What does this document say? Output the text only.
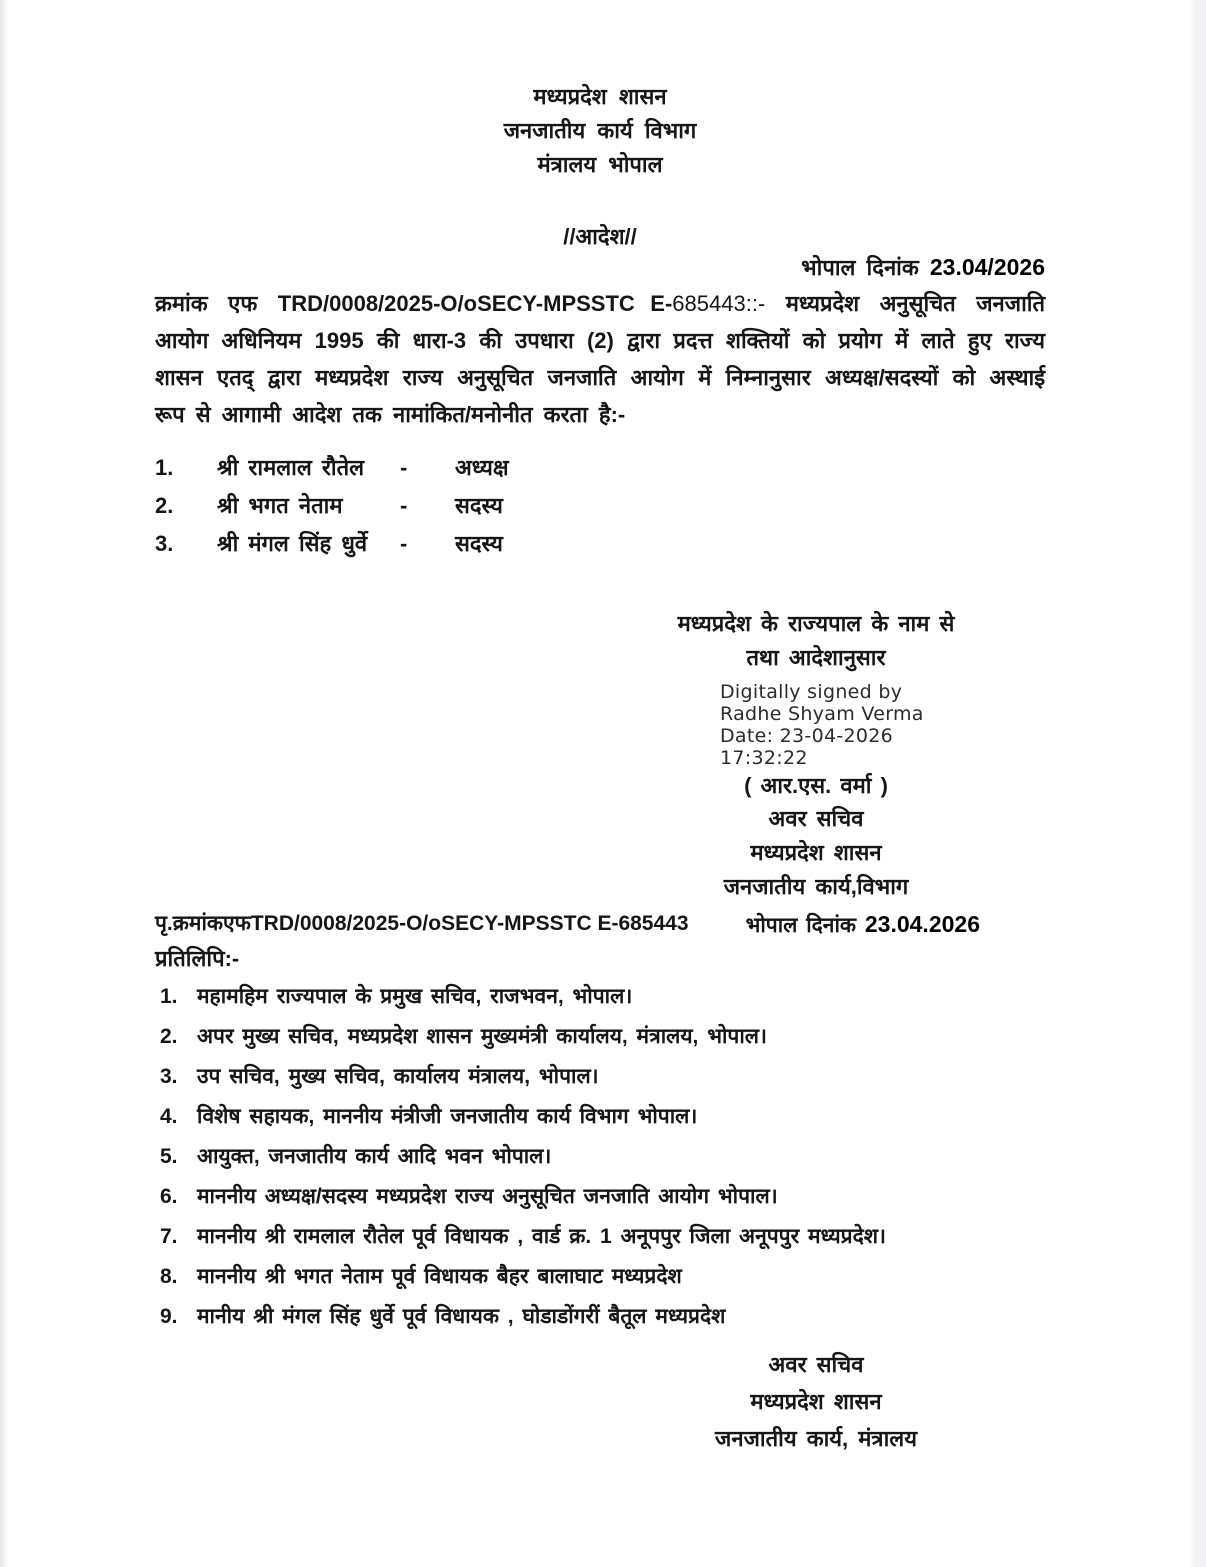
मध्यप्रदेश शासन
जनजातीय कार्य विभाग
मंत्रालय भोपाल
//आदेश//
भोपाल दिनांक 23.04/2026
क्रमांक एफ TRD/0008/2025-O/oSECY-MPSSTC E-685443::- मध्यप्रदेश अनुसूचित जनजाति आयोग अधिनियम 1995 की धारा-3 की उपधारा (2) द्वारा प्रदत्त शक्तियों को प्रयोग में लाते हुए राज्य शासन एतद् द्वारा मध्यप्रदेश राज्य अनुसूचित जनजाति आयोग में निम्नानुसार अध्यक्ष/सदस्यों को अस्थाई रूप से आगामी आदेश तक नामांकित/मनोनीत करता है:-
1.	श्री रामलाल रौतेल	-	अध्यक्ष
2.	श्री भगत नेताम	-	सदस्य
3.	श्री मंगल सिंह धुर्वे	-	सदस्य
मध्यप्रदेश के राज्यपाल के नाम से
तथा आदेशानुसार
Digitally signed by
Radhe Shyam Verma
Date: 23-04-2026
17:32:22
( आर.एस. वर्मा )
अवर सचिव
मध्यप्रदेश शासन
जनजातीय कार्य,विभाग
पृ.क्रमांकएफ TRD/0008/2025-O/oSECY-MPSSTC E-685443	भोपाल दिनांक 23.04.2026
प्रतिलिपि:-
1. महामहिम राज्यपाल के प्रमुख सचिव, राजभवन, भोपाल।
2. अपर मुख्य सचिव, मध्यप्रदेश शासन मुख्यमंत्री कार्यालय, मंत्रालय, भोपाल।
3. उप सचिव, मुख्य सचिव, कार्यालय मंत्रालय, भोपाल।
4. विशेष सहायक, माननीय मंत्रीजी जनजातीय कार्य विभाग भोपाल।
5. आयुक्त, जनजातीय कार्य आदि भवन भोपाल।
6. माननीय अध्यक्ष/सदस्य मध्यप्रदेश राज्य अनुसूचित जनजाति आयोग भोपाल।
7. माननीय श्री रामलाल रौतेल पूर्व विधायक , वार्ड क्र. 1 अनूपपुर जिला अनूपपुर मध्यप्रदेश।
8. माननीय श्री भगत नेताम पूर्व विधायक बैहर बालाघाट मध्यप्रदेश
9. मानीय श्री मंगल सिंह धुर्वे पूर्व विधायक , घोडाडोंगरीं बैतूल मध्यप्रदेश
अवर सचिव
मध्यप्रदेश शासन
जनजातीय कार्य, मंत्रालय
